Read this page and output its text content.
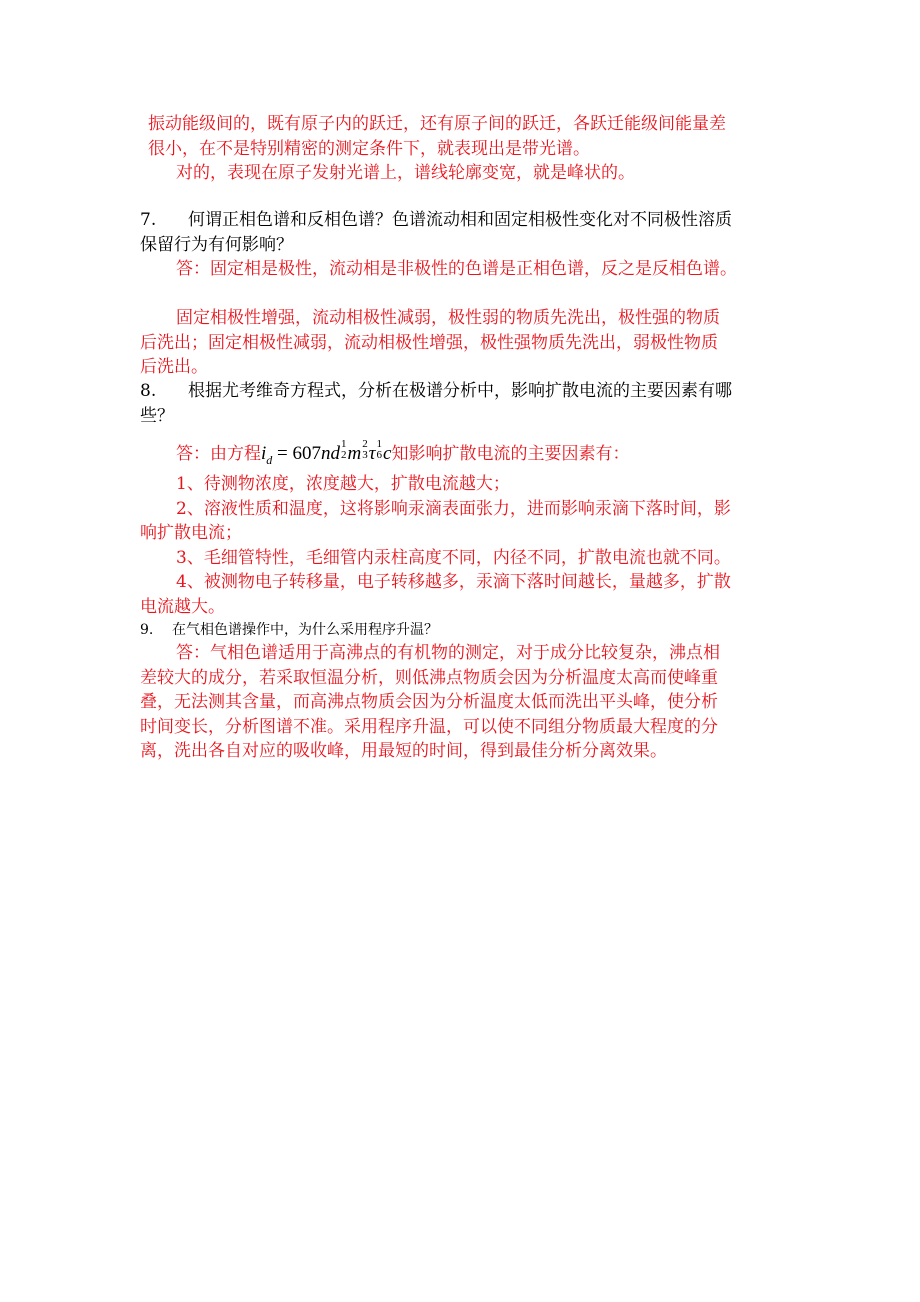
振动能级间的，既有原子内的跃迁，还有原子间的跃迁，各跃迁能级间能量差

很小，在不是特别精密的测定条件下，就表现出是带光谱。

对的，表现在原子发射光谱上，谱线轮廓变宽，就是峰状的。

7. 何谓正相色谱和反相色谱？色谱流动相和固定相极性变化对不同极性溶质

保留行为有何影响？

答：固定相是极性，流动相是非极性的色谱是正相色谱，反之是反相色谱。

固定相极性增强，流动相极性减弱，极性弱的物质先洗出，极性强的物质

后洗出；固定相极性减弱，流动相极性增强，极性强物质先洗出，弱极性物质

后洗出。

8. 根据尤考维奇方程式，分析在极谱分析中，影响扩散电流的主要因素有哪

些？

答：由方程$i_d = 607nd$ 1
2 m 2
3 τ 1
6 c知影响扩散电流的主要因素有：

1、待测物浓度，浓度越大，扩散电流越大；

2、溶液性质和温度，这将影响汞滴表面张力，进而影响汞滴下落时间，影

响扩散电流；

3、毛细管特性，毛细管内汞柱高度不同，内径不同，扩散电流也就不同。

4、被测物电子转移量，电子转移越多，汞滴下落时间越长，量越多，扩散

电流越大。

9. 在气相色谱操作中，为什么采用程序升温？

答：气相色谱适用于高沸点的有机物的测定，对于成分比较复杂，沸点相

差较大的成分，若采取恒温分析，则低沸点物质会因为分析温度太高而使峰重

叠，无法测其含量，而高沸点物质会因为分析温度太低而洗出平头峰，使分析

时间变长，分析图谱不准。采用程序升温，可以使不同组分物质最大程度的分

离，洗出各自对应的吸收峰，用最短的时间，得到最佳分析分离效果。
